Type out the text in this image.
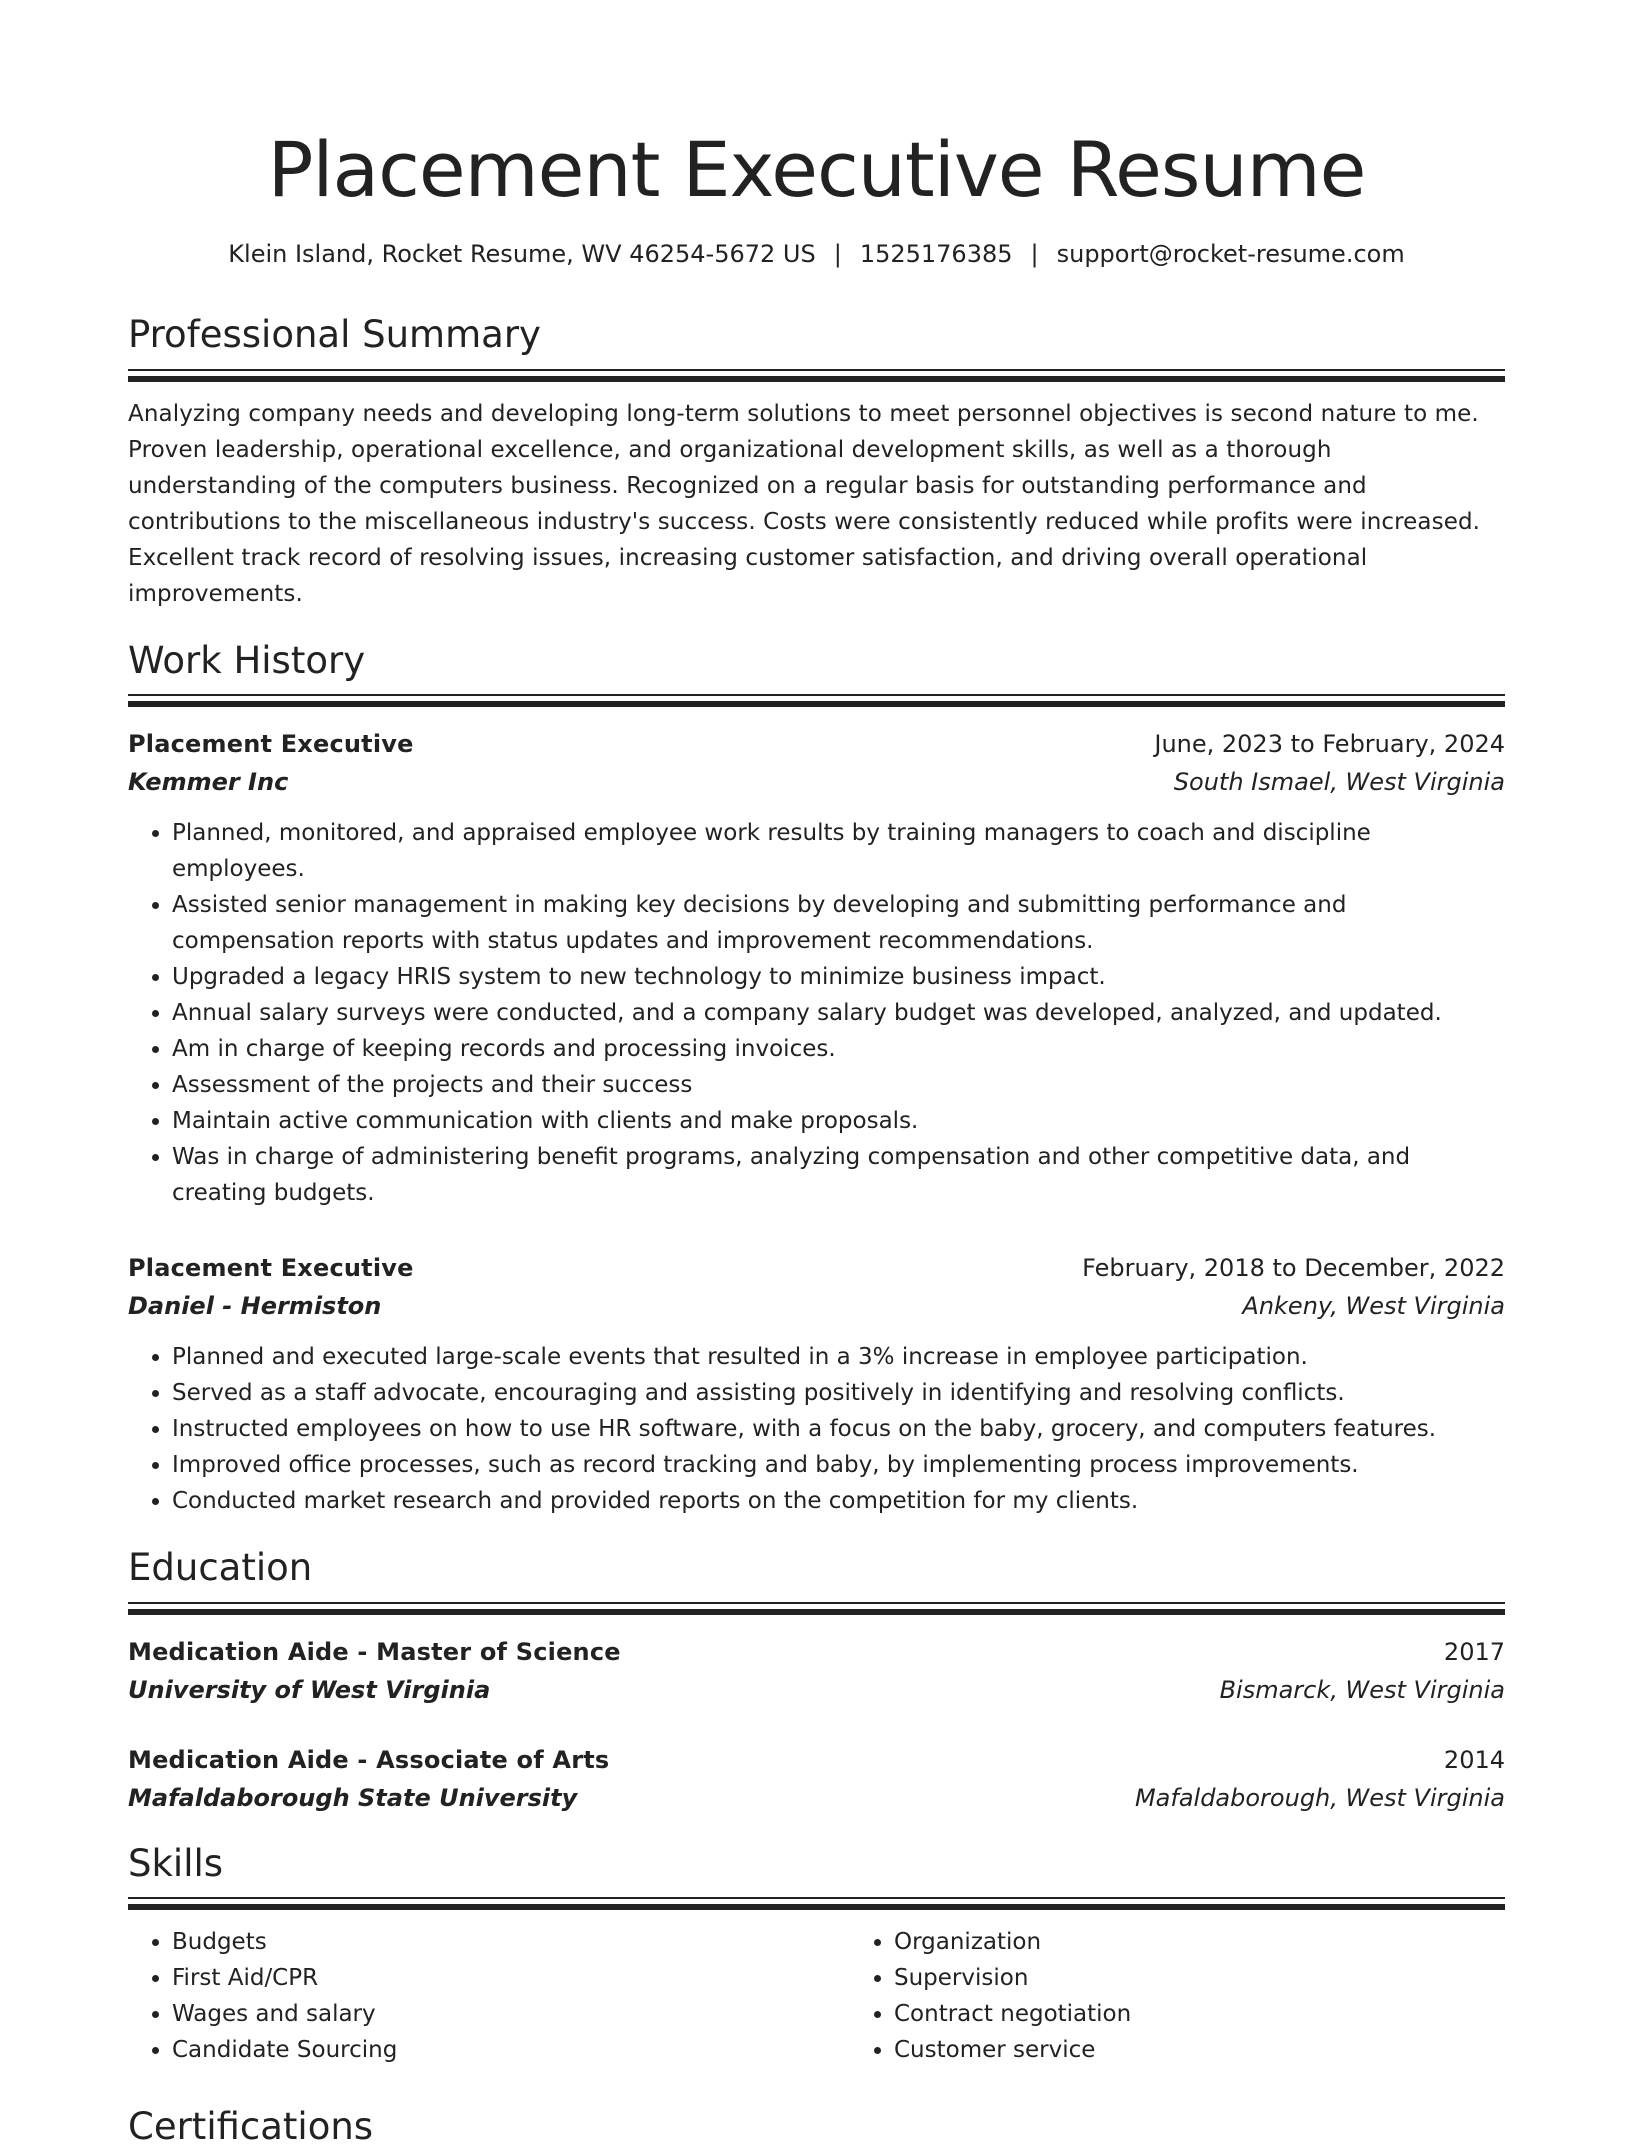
Placement Executive Resume
Klein Island, Rocket Resume, WV 46254-5672 US | 1525176385 | support@rocket-resume.com
Professional Summary

Analyzing company needs and developing long-term solutions to meet personnel objectives is second nature to me. Proven leadership, operational excellence, and organizational development skills, as well as a thorough understanding of the computers business. Recognized on a regular basis for outstanding performance and contributions to the miscellaneous industry's success. Costs were consistently reduced while profits were increased. Excellent track record of resolving issues, increasing customer satisfaction, and driving overall operational improvements.

Work History
Placement Executive	June, 2023 to February, 2024
Kemmer Inc	South Ismael, West Virginia
• Planned, monitored, and appraised employee work results by training managers to coach and discipline employees.
• Assisted senior management in making key decisions by developing and submitting performance and compensation reports with status updates and improvement recommendations.
• Upgraded a legacy HRIS system to new technology to minimize business impact.
• Annual salary surveys were conducted, and a company salary budget was developed, analyzed, and updated.
• Am in charge of keeping records and processing invoices.
• Assessment of the projects and their success
• Maintain active communication with clients and make proposals.
• Was in charge of administering benefit programs, analyzing compensation and other competitive data, and creating budgets.
Placement Executive	February, 2018 to December, 2022
Daniel - Hermiston	Ankeny, West Virginia
• Planned and executed large-scale events that resulted in a 3% increase in employee participation.
• Served as a staff advocate, encouraging and assisting positively in identifying and resolving conflicts.
• Instructed employees on how to use HR software, with a focus on the baby, grocery, and computers features.
• Improved office processes, such as record tracking and baby, by implementing process improvements.
• Conducted market research and provided reports on the competition for my clients.
Education
Medication Aide - Master of Science	2017
University of West Virginia	Bismarck, West Virginia
Medication Aide - Associate of Arts	2014
Mafaldaborough State University	Mafaldaborough, West Virginia
Skills
• Budgets
• First Aid/CPR
• Wages and salary
• Candidate Sourcing
• Organization
• Supervision
• Contract negotiation
• Customer service
Certifications
